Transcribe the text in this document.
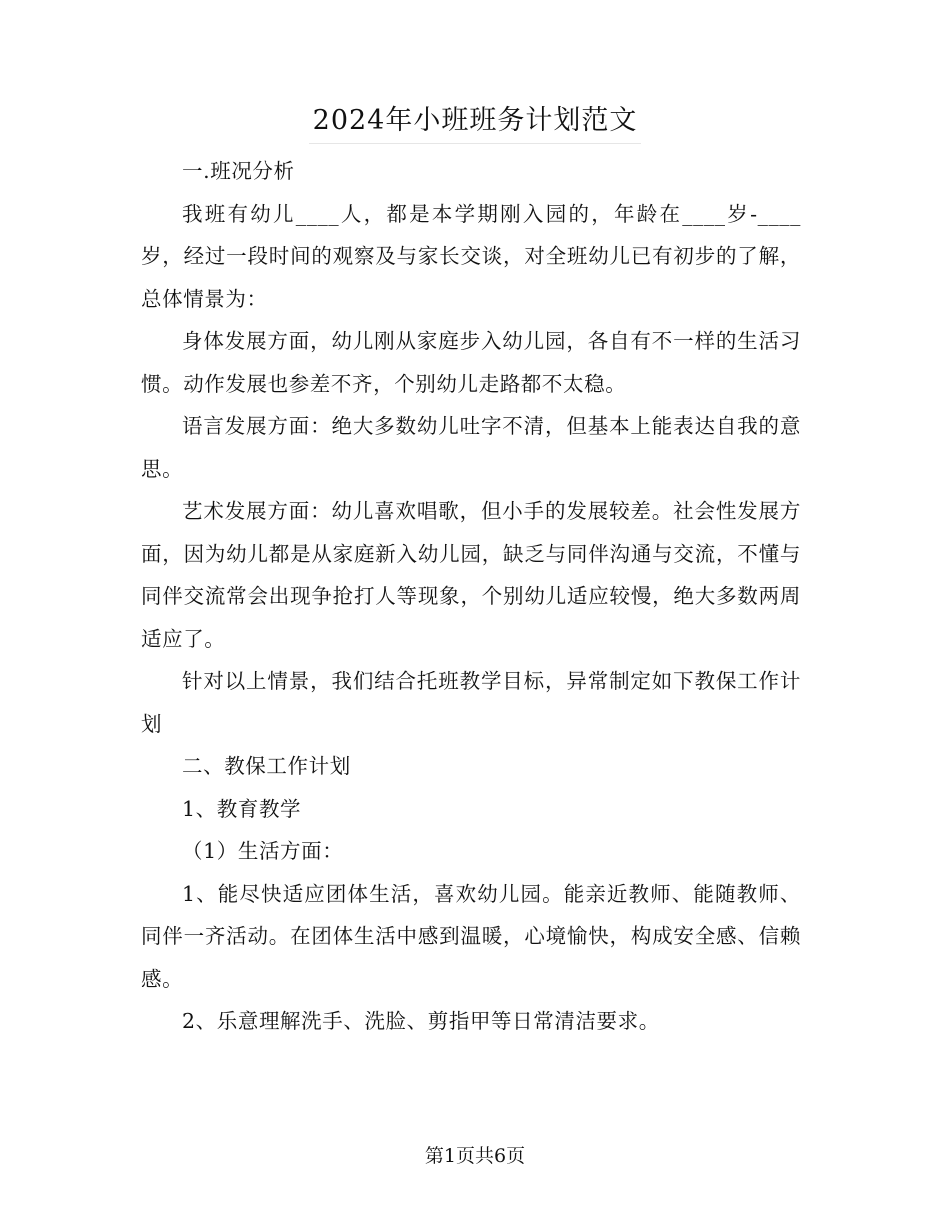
2024年小班班务计划范文

一.班况分析

我班有幼儿____人，都是本学期刚入园的，年龄在____岁-____岁，经过一段时间的观察及与家长交谈，对全班幼儿已有初步的了解，总体情景为：

身体发展方面，幼儿刚从家庭步入幼儿园，各自有不一样的生活习惯。动作发展也参差不齐，个别幼儿走路都不太稳。

语言发展方面：绝大多数幼儿吐字不清，但基本上能表达自我的意思。

艺术发展方面：幼儿喜欢唱歌，但小手的发展较差。社会性发展方面，因为幼儿都是从家庭新入幼儿园，缺乏与同伴沟通与交流，不懂与同伴交流常会出现争抢打人等现象，个别幼儿适应较慢，绝大多数两周适应了。

针对以上情景，我们结合托班教学目标，异常制定如下教保工作计划

二、教保工作计划

1、教育教学

（1）生活方面：

1、能尽快适应团体生活，喜欢幼儿园。能亲近教师、能随教师、同伴一齐活动。在团体生活中感到温暖，心境愉快，构成安全感、信赖感。

2、乐意理解洗手、洗脸、剪指甲等日常清洁要求。

第1页共6页
